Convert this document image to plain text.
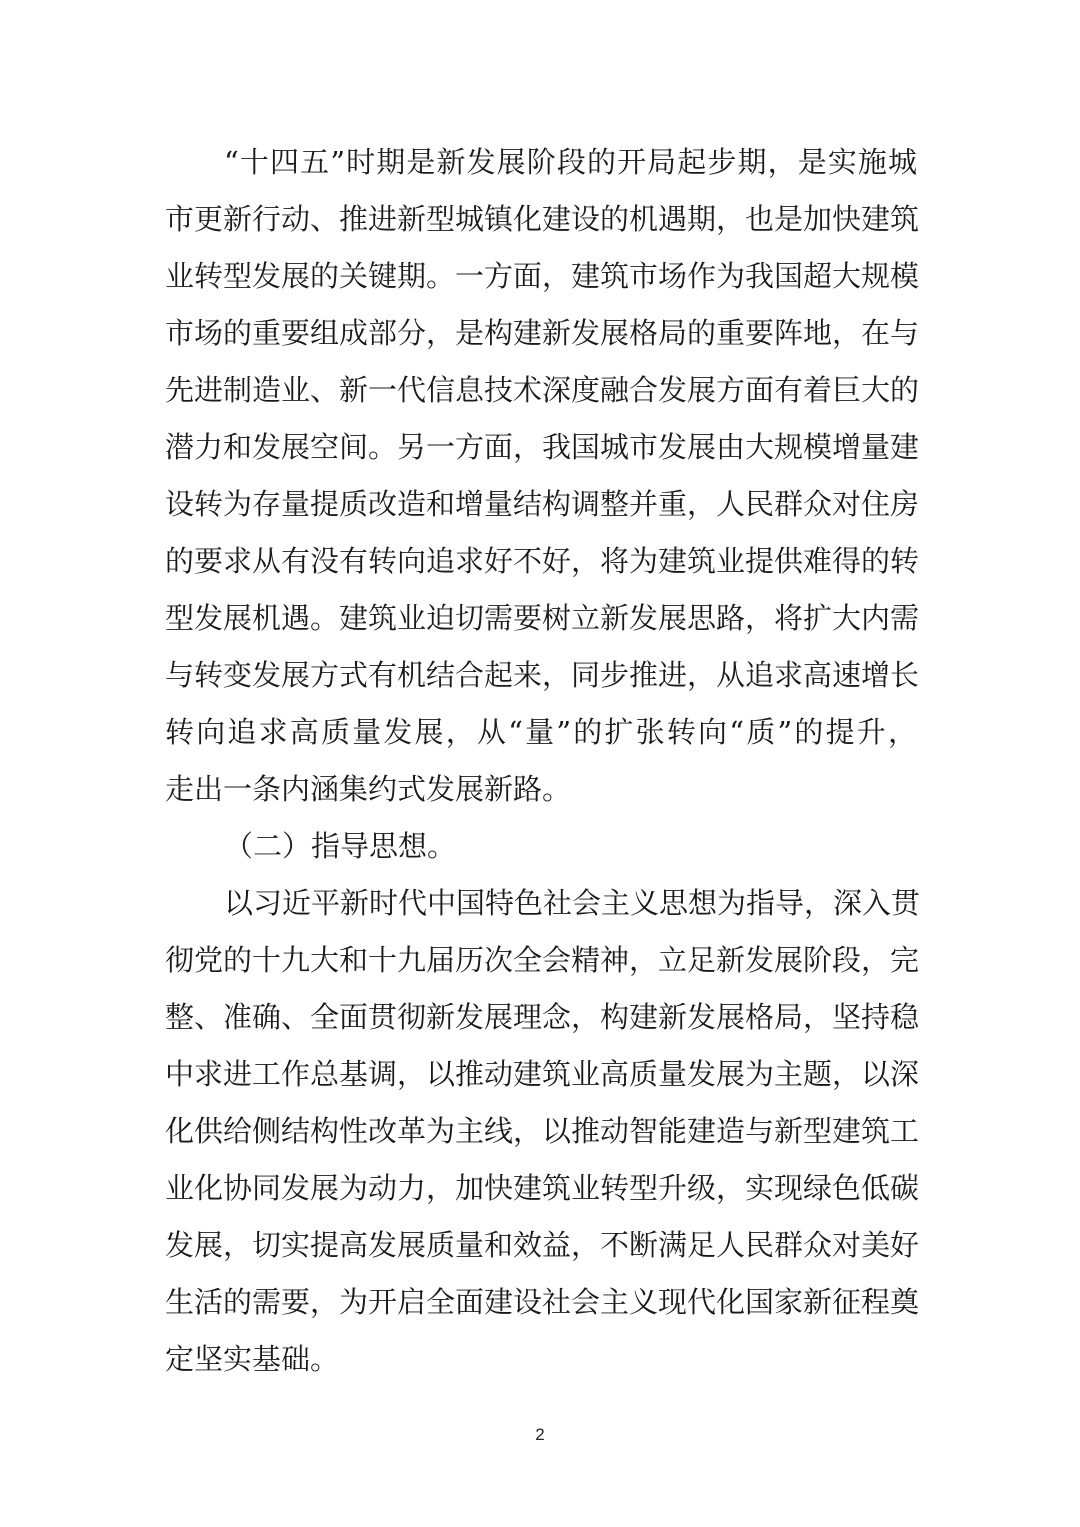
“十四五”时期是新发展阶段的开局起步期，是实施城
市更新行动、推进新型城镇化建设的机遇期，也是加快建筑
业转型发展的关键期。一方面，建筑市场作为我国超大规模
市场的重要组成部分，是构建新发展格局的重要阵地，在与
先进制造业、新一代信息技术深度融合发展方面有着巨大的
潜力和发展空间。另一方面，我国城市发展由大规模增量建
设转为存量提质改造和增量结构调整并重，人民群众对住房
的要求从有没有转向追求好不好，将为建筑业提供难得的转
型发展机遇。建筑业迫切需要树立新发展思路，将扩大内需
与转变发展方式有机结合起来，同步推进，从追求高速增长
转向追求高质量发展，从“量”的扩张转向“质”的提升，
走出一条内涵集约式发展新路。
（二）指导思想。
以习近平新时代中国特色社会主义思想为指导，深入贯
彻党的十九大和十九届历次全会精神，立足新发展阶段，完
整、准确、全面贯彻新发展理念，构建新发展格局，坚持稳
中求进工作总基调，以推动建筑业高质量发展为主题，以深
化供给侧结构性改革为主线，以推动智能建造与新型建筑工
业化协同发展为动力，加快建筑业转型升级，实现绿色低碳
发展，切实提高发展质量和效益，不断满足人民群众对美好
生活的需要，为开启全面建设社会主义现代化国家新征程奠
定坚实基础。
2
